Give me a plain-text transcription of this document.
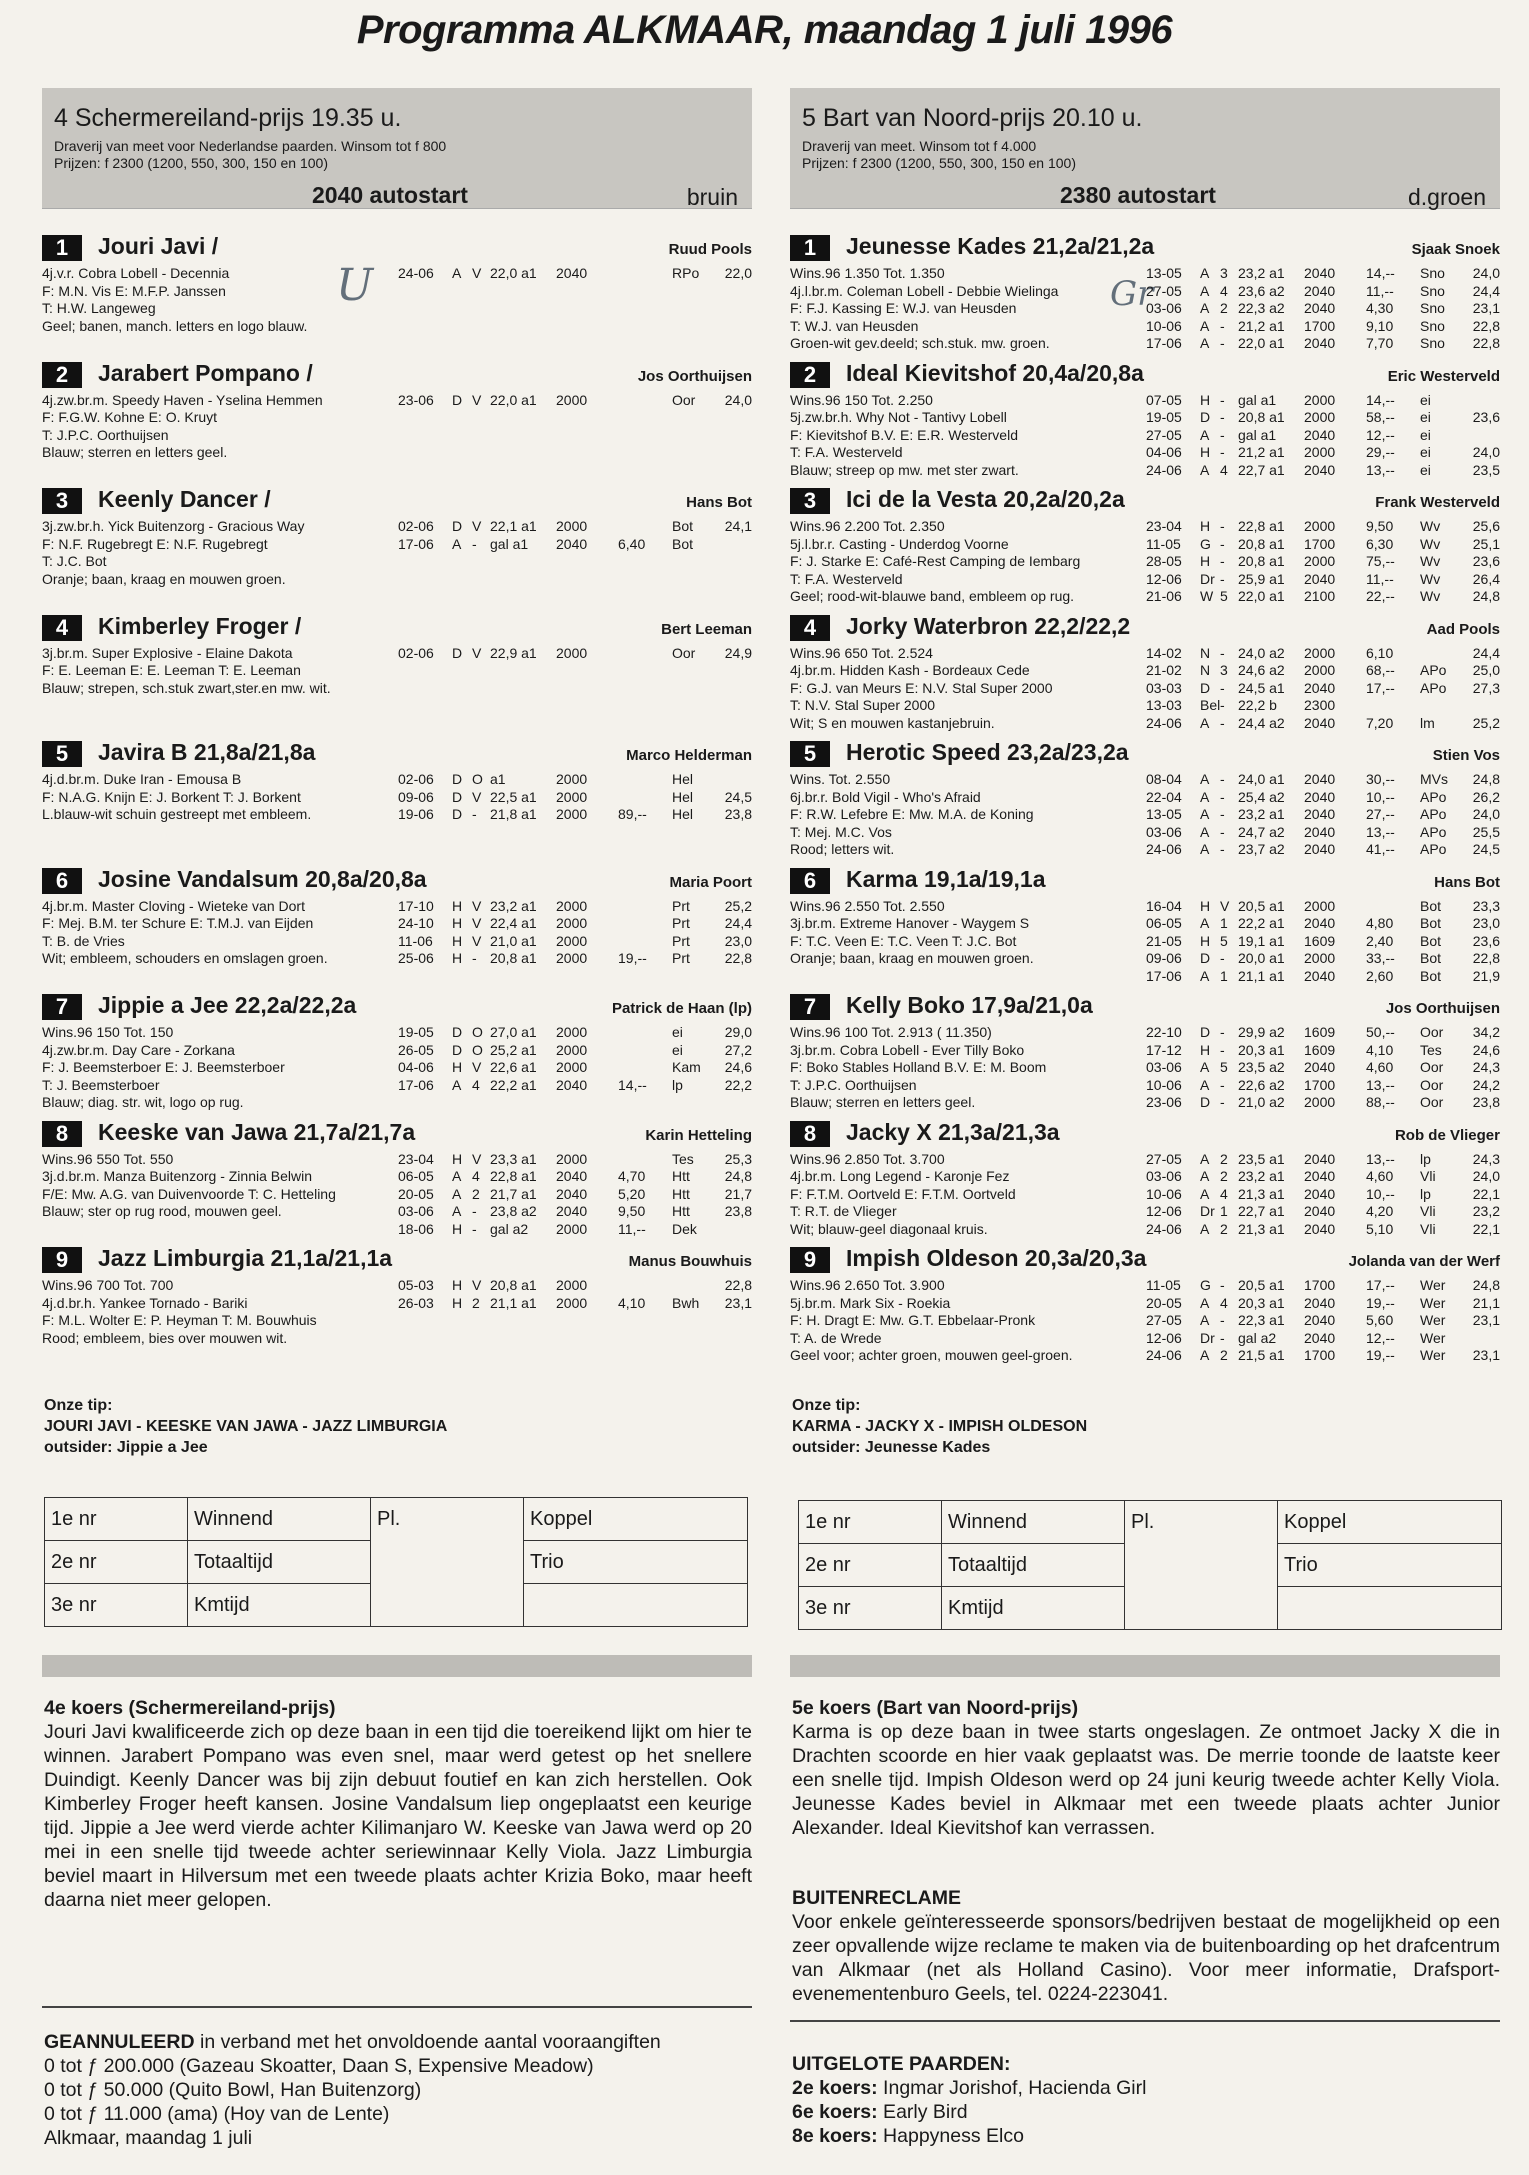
Programma ALKMAAR, maandag 1 juli 1996
U	Gr
4 Schermereiland-prijs 19.35 u.
Draverij van meet voor Nederlandse paarden. Winsom tot f 800
Prijzen: f 2300 (1200, 550, 300, 150 en 100)
2040 autostart	bruin
1	Jouri Javi /	Ruud Pools
4j.v.r. Cobra Lobell - Decennia
F: M.N. Vis E: M.F.P. Janssen
T: H.W. Langeweg
Geel; banen, manch. letters en logo blauw.
24-06	A V 22,0 a1	2040	RPo	22,0
2	Jarabert Pompano /	Jos Oorthuijsen
4j.zw.br.m. Speedy Haven - Yselina Hemmen
F: F.G.W. Kohne E: O. Kruyt
T: J.P.C. Oorthuijsen
Blauw; sterren en letters geel.
23-06	D V 22,0 a1	2000	Oor	24,0
3	Keenly Dancer /	Hans Bot
3j.zw.br.h. Yick Buitenzorg - Gracious Way
F: N.F. Rugebregt E: N.F. Rugebregt
T: J.C. Bot
Oranje; baan, kraag en mouwen groen.
02-06	D V 22,1 a1	2000	Bot	24,1
17-06	A - gal a1	2040	6,40	Bot
4	Kimberley Froger /	Bert Leeman
3j.br.m. Super Explosive - Elaine Dakota
F: E. Leeman E: E. Leeman T: E. Leeman
Blauw; strepen, sch.stuk zwart,ster.en mw. wit.
02-06	D V 22,9 a1	2000	Oor	24,9
5	Javira B 21,8a/21,8a	Marco Helderman
4j.d.br.m. Duke Iran - Emousa B
F: N.A.G. Knijn E: J. Borkent T: J. Borkent
L.blauw-wit schuin gestreept met embleem.
02-06	D O a1	2000	Hel
09-06	D V 22,5 a1	2000	Hel	24,5
19-06	D - 21,8 a1	2000	89,--	Hel	23,8
6	Josine Vandalsum 20,8a/20,8a	Maria Poort
4j.br.m. Master Cloving - Wieteke van Dort
F: Mej. B.M. ter Schure E: T.M.J. van Eijden
T: B. de Vries
Wit; embleem, schouders en omslagen groen.
17-10	H V 23,2 a1	2000	Prt	25,2
24-10	H V 22,4 a1	2000	Prt	24,4
11-06	H V 21,0 a1	2000	Prt	23,0
25-06	H - 20,8 a1	2000	19,--	Prt	22,8
7	Jippie a Jee 22,2a/22,2a	Patrick de Haan (lp)
Wins.96 150 Tot. 150
4j.zw.br.m. Day Care - Zorkana
F: J. Beemsterboer E: J. Beemsterboer
T: J. Beemsterboer
Blauw; diag. str. wit, logo op rug.
19-05	D O 27,0 a1	2000	ei	29,0
26-05	D O 25,2 a1	2000	ei	27,2
04-06	H V 22,6 a1	2000	Kam	24,6
17-06	A 4 22,2 a1	2040	14,--	lp	22,2
8	Keeske van Jawa 21,7a/21,7a	Karin Hetteling
Wins.96 550 Tot. 550
3j.d.br.m. Manza Buitenzorg - Zinnia Belwin
F/E: Mw. A.G. van Duivenvoorde T: C. Hetteling
Blauw; ster op rug rood, mouwen geel.
23-04	H V 23,3 a1	2000	Tes	25,3
06-05	A 4 22,8 a1	2040	4,70	Htt	24,8
20-05	A 2 21,7 a1	2040	5,20	Htt	21,7
03-06	A - 23,8 a2	2040	9,50	Htt	23,8
18-06	H - gal a2	2000	11,--	Dek
9	Jazz Limburgia 21,1a/21,1a	Manus Bouwhuis
Wins.96 700 Tot. 700
4j.d.br.h. Yankee Tornado - Bariki
F: M.L. Wolter E: P. Heyman T: M. Bouwhuis
Rood; embleem, bies over mouwen wit.
05-03	H V 20,8 a1	2000	22,8
26-03	H 2 21,1 a1	2000	4,10	Bwh	23,1
5 Bart van Noord-prijs 20.10 u.
Draverij van meet. Winsom tot f 4.000
Prijzen: f 2300 (1200, 550, 300, 150 en 100)
2380 autostart	d.groen
1	Jeunesse Kades 21,2a/21,2a	Sjaak Snoek
Wins.96 1.350 Tot. 1.350
4j.l.br.m. Coleman Lobell - Debbie Wielinga
F: F.J. Kassing E: W.J. van Heusden
T: W.J. van Heusden
Groen-wit gev.deeld; sch.stuk. mw. groen.
13-05	A 3 23,2 a1	2040	14,--	Sno	24,0
27-05	A 4 23,6 a2	2040	11,--	Sno	24,4
03-06	A 2 22,3 a2	2040	4,30	Sno	23,1
10-06	A - 21,2 a1	1700	9,10	Sno	22,8
17-06	A - 22,0 a1	2040	7,70	Sno	22,8
2	Ideal Kievitshof 20,4a/20,8a	Eric Westerveld
Wins.96 150 Tot. 2.250
5j.zw.br.h. Why Not - Tantivy Lobell
F: Kievitshof B.V. E: E.R. Westerveld
T: F.A. Westerveld
Blauw; streep op mw. met ster zwart.
07-05	H - gal a1	2000	14,--	ei
19-05	D - 20,8 a1	2000	58,--	ei	23,6
27-05	A - gal a1	2040	12,--	ei
04-06	H - 21,2 a1	2000	29,--	ei	24,0
24-06	A 4 22,7 a1	2040	13,--	ei	23,5
3	Ici de la Vesta 20,2a/20,2a	Frank Westerveld
Wins.96 2.200 Tot. 2.350
5j.l.br.r. Casting - Underdog Voorne
F: J. Starke E: Café-Rest Camping de Iembarg
T: F.A. Westerveld
Geel; rood-wit-blauwe band, embleem op rug.
23-04	H - 22,8 a1	2000	9,50	Wv	25,6
11-05	G - 20,8 a1	1700	6,30	Wv	25,1
28-05	H - 20,8 a1	2000	75,--	Wv	23,6
12-06	Dr - 25,9 a1	2040	11,--	Wv	26,4
21-06	W 5 22,0 a1	2100	22,--	Wv	24,8
4	Jorky Waterbron 22,2/22,2	Aad Pools
Wins.96 650 Tot. 2.524
4j.br.m. Hidden Kash - Bordeaux Cede
F: G.J. van Meurs E: N.V. Stal Super 2000
T: N.V. Stal Super 2000
Wit; S en mouwen kastanjebruin.
14-02	N - 24,0 a2	2000	6,10	24,4
21-02	N 3 24,6 a2	2000	68,--	APo	25,0
03-03	D - 24,5 a1	2040	17,--	APo	27,3
13-03	Bel - 22,2 b	2300
24-06	A - 24,4 a2	2040	7,20	lm	25,2
5	Herotic Speed 23,2a/23,2a	Stien Vos
Wins. Tot. 2.550
6j.br.r. Bold Vigil - Who's Afraid
F: R.W. Lefebre E: Mw. M.A. de Koning
T: Mej. M.C. Vos
Rood; letters wit.
08-04	A - 24,0 a1	2040	30,--	MVs	24,8
22-04	A - 25,4 a2	2040	10,--	APo	26,2
13-05	A - 23,2 a1	2040	27,--	APo	24,0
03-06	A - 24,7 a2	2040	13,--	APo	25,5
24-06	A - 23,7 a2	2040	41,--	APo	24,5
6	Karma 19,1a/19,1a	Hans Bot
Wins.96 2.550 Tot. 2.550
3j.br.m. Extreme Hanover - Waygem S
F: T.C. Veen E: T.C. Veen T: J.C. Bot
Oranje; baan, kraag en mouwen groen.
16-04	H V 20,5 a1	2000	Bot	23,3
06-05	A 1 22,2 a1	2040	4,80	Bot	23,0
21-05	H 5 19,1 a1	1609	2,40	Bot	23,6
09-06	D - 20,0 a1	2000	33,--	Bot	22,8
17-06	A 1 21,1 a1	2040	2,60	Bot	21,9
7	Kelly Boko 17,9a/21,0a	Jos Oorthuijsen
Wins.96 100 Tot. 2.913 ( 11.350)
3j.br.m. Cobra Lobell - Ever Tilly Boko
F: Boko Stables Holland B.V. E: M. Boom
T: J.P.C. Oorthuijsen
Blauw; sterren en letters geel.
22-10	D - 29,9 a2	1609	50,--	Oor	34,2
17-12	H - 20,3 a1	1609	4,10	Tes	24,6
03-06	A 5 23,5 a2	2040	4,60	Oor	24,3
10-06	A - 22,6 a2	1700	13,--	Oor	24,2
23-06	D - 21,0 a2	2000	88,--	Oor	23,8
8	Jacky X 21,3a/21,3a	Rob de Vlieger
Wins.96 2.850 Tot. 3.700
4j.br.m. Long Legend - Karonje Fez
F: F.T.M. Oortveld E: F.T.M. Oortveld
T: R.T. de Vlieger
Wit; blauw-geel diagonaal kruis.
27-05	A 2 23,5 a1	2040	13,--	lp	24,3
03-06	A 2 23,2 a1	2040	4,60	Vli	24,0
10-06	A 4 21,3 a1	2040	10,--	lp	22,1
12-06	Dr 1 22,7 a1	2040	4,20	Vli	23,2
24-06	A 2 21,3 a1	2040	5,10	Vli	22,1
9	Impish Oldeson 20,3a/20,3a	Jolanda van der Werf
Wins.96 2.650 Tot. 3.900
5j.br.m. Mark Six - Roekia
F: H. Dragt E: Mw. G.T. Ebbelaar-Pronk
T: A. de Wrede
Geel voor; achter groen, mouwen geel-groen.
11-05	G - 20,5 a1	1700	17,--	Wer	24,8
20-05	A 4 20,3 a1	2040	19,--	Wer	21,1
27-05	A - 22,3 a1	2040	5,60	Wer	23,1
12-06	Dr - gal a2	2040	12,--	Wer
24-06	A 2 21,5 a1	1700	19,--	Wer	23,1
Onze tip:
JOURI JAVI - KEESKE VAN JAWA - JAZZ LIMBURGIA
outsider: Jippie a Jee
Onze tip:
KARMA - JACKY X - IMPISH OLDESON
outsider: Jeunesse Kades
1e nr	Winnend	Pl.	Koppel
2e nr	Totaaltijd		Trio
3e nr	Kmtijd		
1e nr	Winnend	Pl.	Koppel
2e nr	Totaaltijd		Trio
3e nr	Kmtijd		
4e koers (Schermereiland-prijs)
Jouri Javi kwalificeerde zich op deze baan in een tijd die toereikend lijkt om hier te winnen. Jarabert Pompano was even snel, maar werd getest op het snellere Duindigt. Keenly Dancer was bij zijn debuut foutief en kan zich herstellen. Ook Kimberley Froger heeft kansen. Josine Vandalsum liep ongeplaatst een keurige tijd. Jippie a Jee werd vierde achter Kilimanjaro W. Keeske van Jawa werd op 20 mei in een snelle tijd tweede achter seriewinnaar Kelly Viola. Jazz Limburgia beviel maart in Hilversum met een tweede plaats achter Krizia Boko, maar heeft daarna niet meer gelopen.
5e koers (Bart van Noord-prijs)
Karma is op deze baan in twee starts ongeslagen. Ze ontmoet Jacky X die in Drachten scoorde en hier vaak geplaatst was. De merrie toonde de laatste keer een snelle tijd. Impish Oldeson werd op 24 juni keurig tweede achter Kelly Viola. Jeunesse Kades beviel in Alkmaar met een tweede plaats achter Junior Alexander. Ideal Kievitshof kan verrassen.
BUITENRECLAME
Voor enkele geïnteresseerde sponsors/bedrijven bestaat de mogelijkheid op een zeer opvallende wijze reclame te maken via de buitenboarding op het drafcentrum van Alkmaar (net als Holland Casino). Voor meer informatie, Drafsport-evenementenburo Geels, tel. 0224-223041.
GEANNULEERD in verband met het onvoldoende aantal vooraangiften
0 tot ƒ 200.000 (Gazeau Skoatter, Daan S, Expensive Meadow)
0 tot ƒ 50.000 (Quito Bowl, Han Buitenzorg)
0 tot ƒ 11.000 (ama) (Hoy van de Lente)
Alkmaar, maandag 1 juli
UITGELOTE PAARDEN:
2e koers: Ingmar Jorishof, Hacienda Girl
6e koers: Early Bird
8e koers: Happyness Elco
